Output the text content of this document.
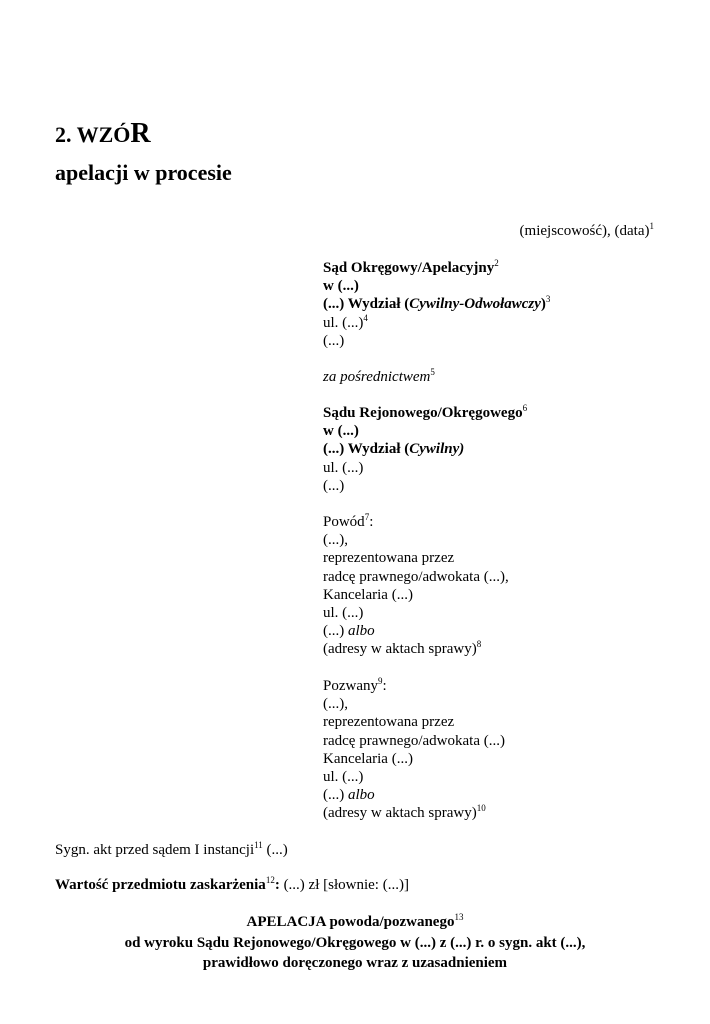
2. WZÓR
apelacji w procesie
(miejscowość), (data)$^1$
Sąd Okręgowy/Apelacyjny$^2$
w (...)
(...) Wydział (Cywilny-Odwoławczy)$^3$
ul. (...)$^4$
(...)
za pośrednictwem$^5$
Sądu Rejonowego/Okręgowego$^6$
w (...)
(...) Wydział (Cywilny)
ul. (...)
(...)
Powód$^7$:
(...),
reprezentowana przez
radcę prawnego/adwokata (...),
Kancelaria (...)
ul. (...)
(...) albo
(adresy w aktach sprawy)$^8$
Pozwany$^9$:
(...),
reprezentowana przez
radcę prawnego/adwokata (...)
Kancelaria (...)
ul. (...)
(...) albo
(adresy w aktach sprawy)$^{10}$
Sygn. akt przed sądem I instancji$^{11}$ (...)
Wartość przedmiotu zaskarżenia$^{12}$: (...) zł [słownie: (...)]
APELACJA powoda/pozwanego$^{13}$
od wyroku Sądu Rejonowego/Okręgowego w (...) z (...) r. o sygn. akt (...),
prawidłowo doręczonego wraz z uzasadnieniem
